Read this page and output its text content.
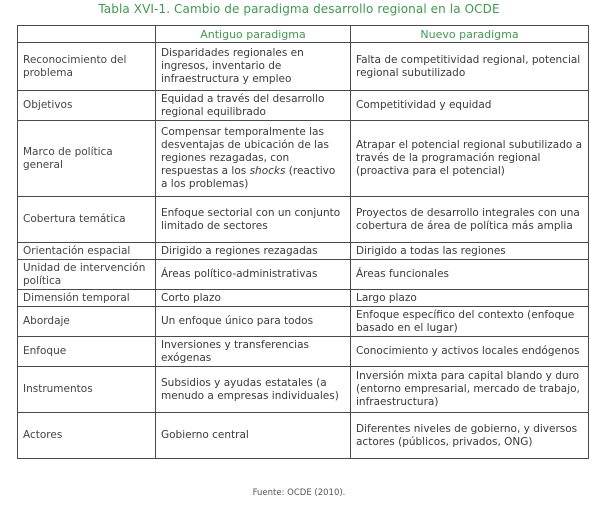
Tabla XVI-1. Cambio de paradigma desarrollo regional en la OCDE
	Antiguo paradigma	Nuevo paradigma
Reconocimiento del problema	Disparidades regionales en ingresos, inventario de infraestructura y empleo	Falta de competitividad regional, potencial regional subutilizado
Objetivos	Equidad a través del desarrollo regional equilibrado	Competitividad y equidad
Marco de política general	Compensar temporalmente las desventajas de ubicación de las regiones rezagadas, con respuestas a los shocks (reactivo a los problemas)	Atrapar el potencial regional subutilizado a través de la programación regional (proactiva para el potencial)
Cobertura temática	Enfoque sectorial con un conjunto limitado de sectores	Proyectos de desarrollo integrales con una cobertura de área de política más amplia
Orientación espacial	Dirigido a regiones rezagadas	Dirigido a todas las regiones
Unidad de intervención política	Áreas político-administrativas	Áreas funcionales
Dimensión temporal	Corto plazo	Largo plazo
Abordaje	Un enfoque único para todos	Enfoque específico del contexto (enfoque basado en el lugar)
Enfoque	Inversiones y transferencias exógenas	Conocimiento y activos locales endógenos
Instrumentos	Subsidios y ayudas estatales (a menudo a empresas individuales)	Inversión mixta para capital blando y duro (entorno empresarial, mercado de trabajo, infraestructura)
Actores	Gobierno central	Diferentes niveles de gobierno, y diversos actores (públicos, privados, ONG)
Fuente: OCDE (2010).
